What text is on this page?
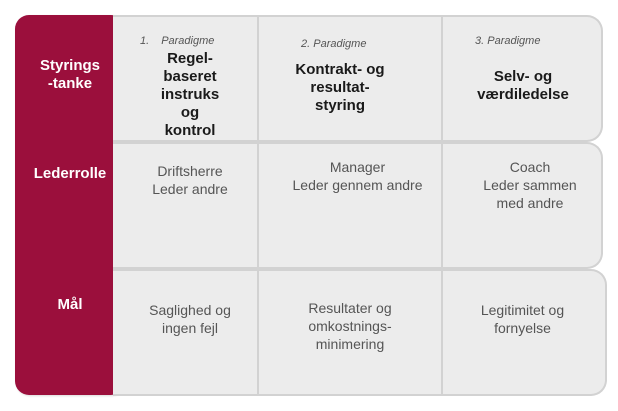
Styrings
-tanke
Lederrolle
Mål
1. Paradigme
Regel-
baseret
instruks
og
kontrol
2. Paradigme
Kontrakt- og
resultat-
styring
3. Paradigme
Selv- og
værdiledelse
Driftsherre
Leder andre
Manager
Leder gennem andre
Coach
Leder sammen
med andre
Saglighed og
ingen fejl
Resultater og
omkostnings-
minimering
Legitimitet og
fornyelse
